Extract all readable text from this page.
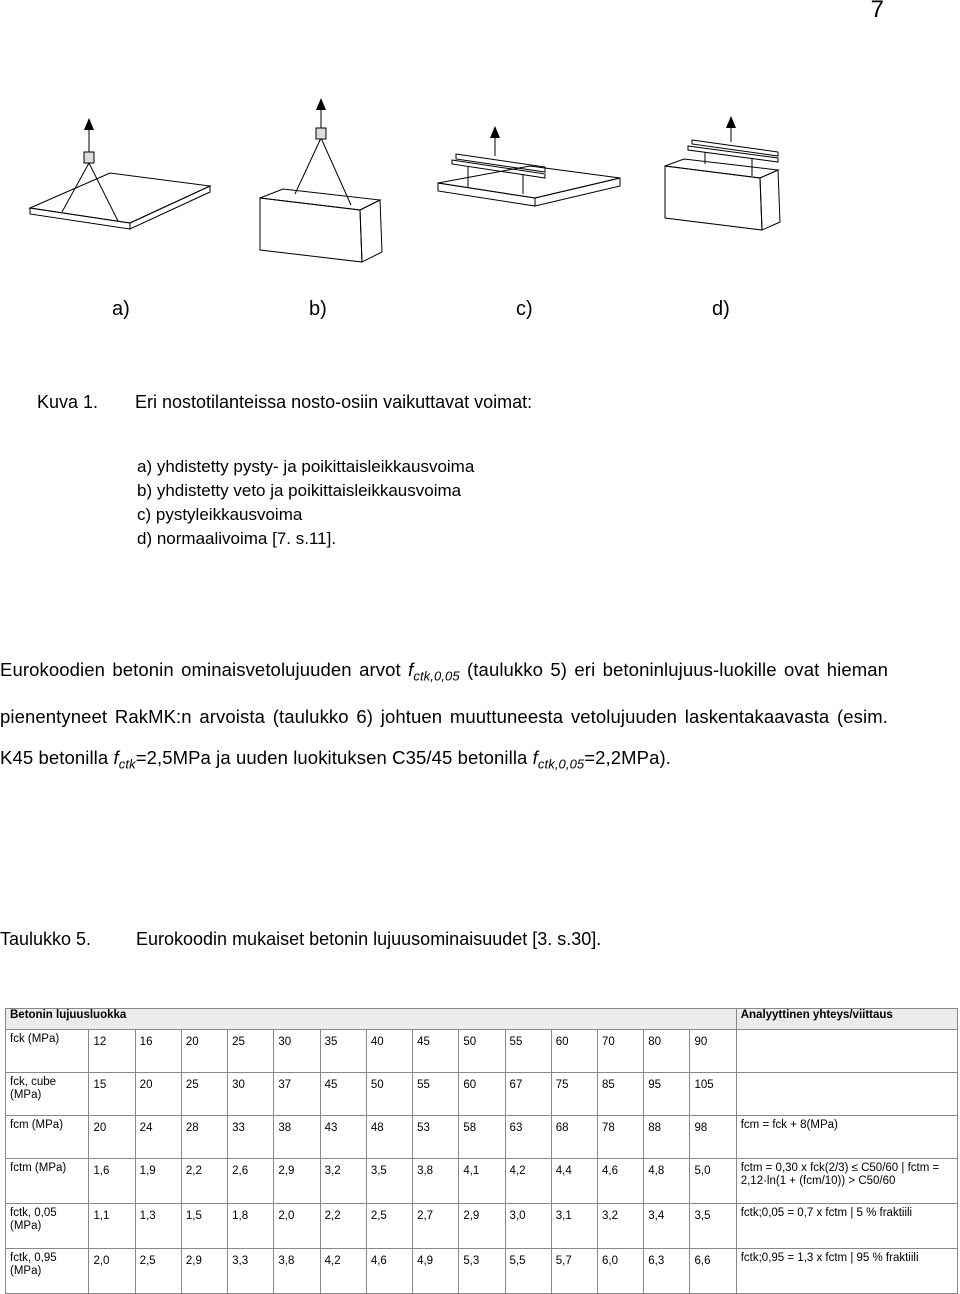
7
a)	b)	c)	d)
Kuva 1.	Eri nostotilanteissa nosto-osiin vaikuttavat voimat:
a) yhdistetty pysty- ja poikittaisleikkausvoima
b) yhdistetty veto ja poikittaisleikkausvoima
c) pystyleikkausvoima
d) normaalivoima [7. s.11].
Eurokoodien betonin ominaisvetolujuuden arvot $f_{ctk,0,05}$ (taulukko 5) eri betoninlujuus-luokille ovat hieman pienentyneet RakMK:n arvoista (taulukko 6) johtuen muuttuneesta vetolujuuden laskentakaavasta (esim. K45 betonilla $f_{ctk}=2,5MPa$ ja uuden luokituksen C35/45 betonilla $f_{ctk,0,05}=2,2MPa$).
Taulukko 5.	Eurokoodin mukaiset betonin lujuusominaisuudet [3. s.30].
Betonin lujuusluokka															Analyyttinen yhteys/viittaus
fck (MPa)	12	16	20	25	30	35	40	45	50	55	60	70	80	90	
fck, cube (MPa)	15	20	25	30	37	45	50	55	60	67	75	85	95	105	
fcm (MPa)	20	24	28	33	38	43	48	53	58	63	68	78	88	98	fcm = fck + 8(MPa)
fctm (MPa)	1,6	1,9	2,2	2,6	2,9	3,2	3,5	3,8	4,1	4,2	4,4	4,6	4,8	5,0	fctm = 0,30 x fck(2/3) ≤ C50/60 | fctm = 2,12·ln(1 + (fcm/10)) > C50/60
fctk, 0,05 (MPa)	1,1	1,3	1,5	1,8	2,0	2,2	2,5	2,7	2,9	3,0	3,1	3,2	3,4	3,5	fctk;0,05 = 0,7 x fctm | 5 % fraktiili
fctk, 0,95 (MPa)	2,0	2,5	2,9	3,3	3,8	4,2	4,6	4,9	5,3	5,5	5,7	6,0	6,3	6,6	fctk;0,95 = 1,3 x fctm | 95 % fraktiili
